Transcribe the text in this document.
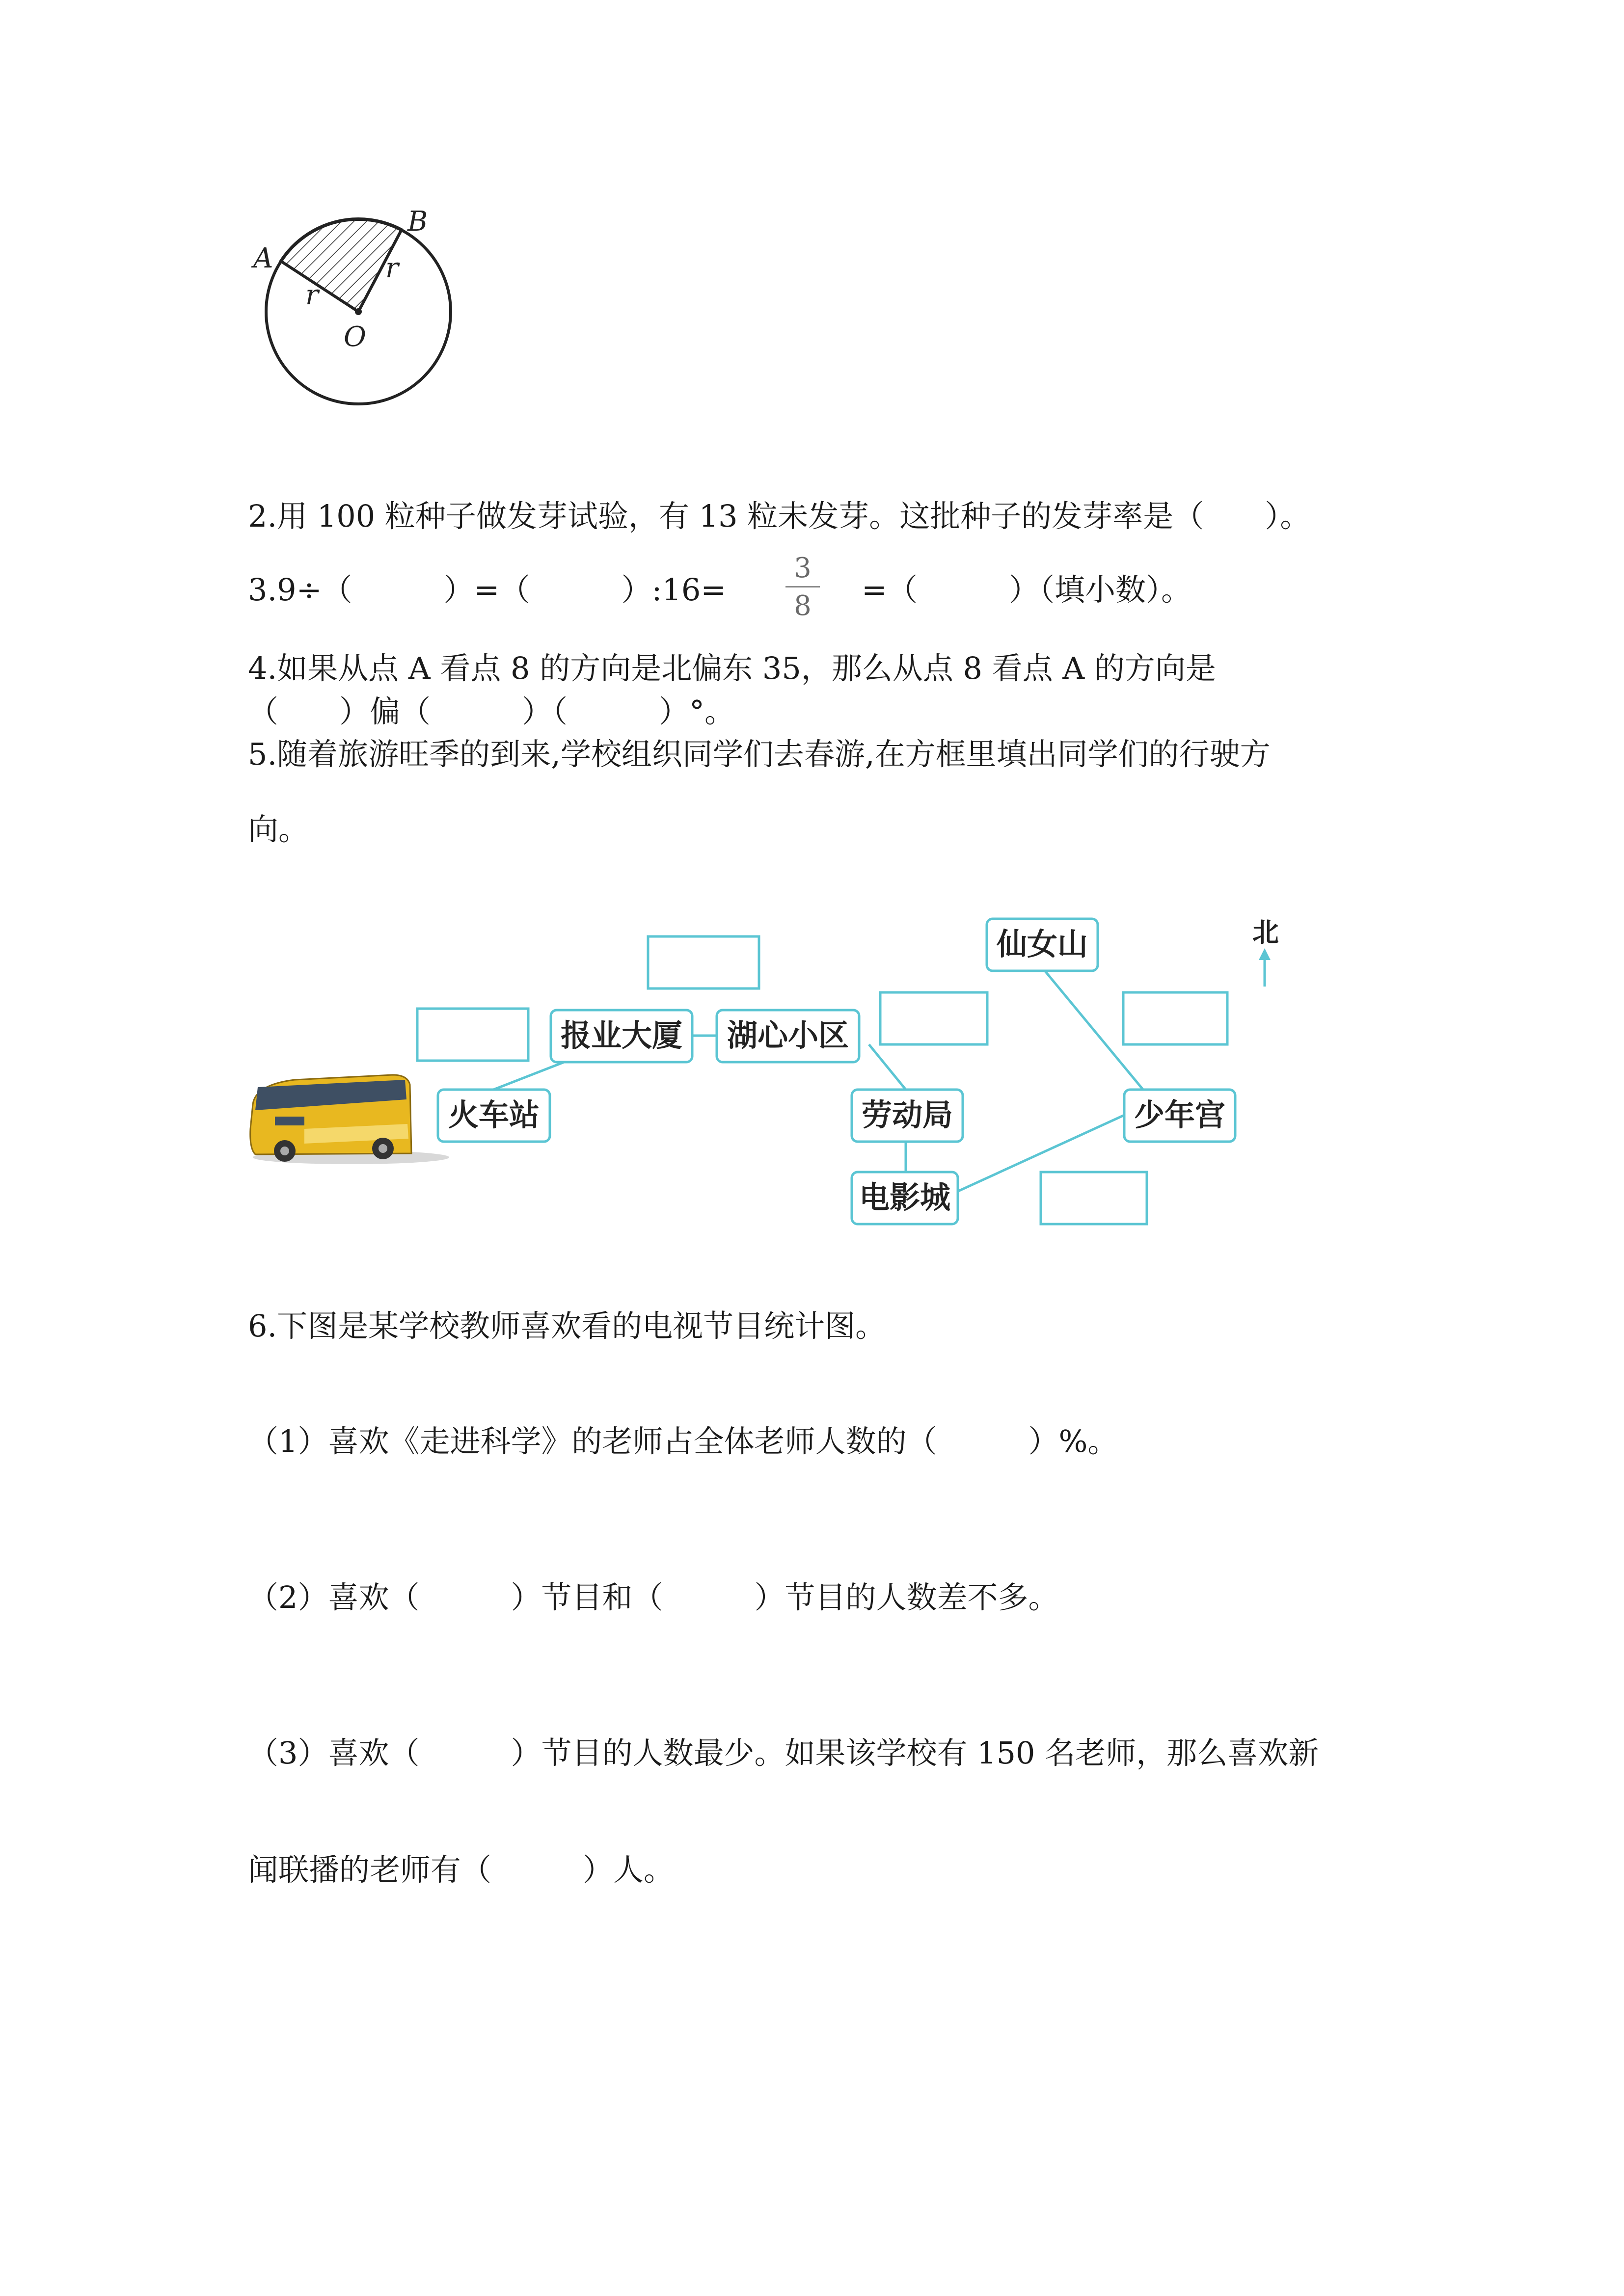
A
B
O
r
r

2.用 100 粒种子做发芽试验，有 13 粒未发芽。这批种子的发芽率是（　　）。

3.9÷（　　　）=（　　　）:16=

3
8 =（　　　）（填小数）。

4.如果从点 A 看点 8 的方向是北偏东 35，那么从点 8 看点 A 的方向是

（　　）偏（　　　）（　　　）°。

5.随着旅游旺季的到来,学校组织同学们去春游,在方框里填出同学们的行驶方

向。

仙女山
报业大厦 湖心小区
火车站	劳动局	少年宫
电影城
北

6.下图是某学校教师喜欢看的电视节目统计图。

（1）喜欢《走进科学》的老师占全体老师人数的（　　　）%。

（2）喜欢（　　　）节目和（　　　）节目的人数差不多。

（3）喜欢（　　　）节目的人数最少。如果该学校有 150 名老师，那么喜欢新

闻联播的老师有（　　　）人。
